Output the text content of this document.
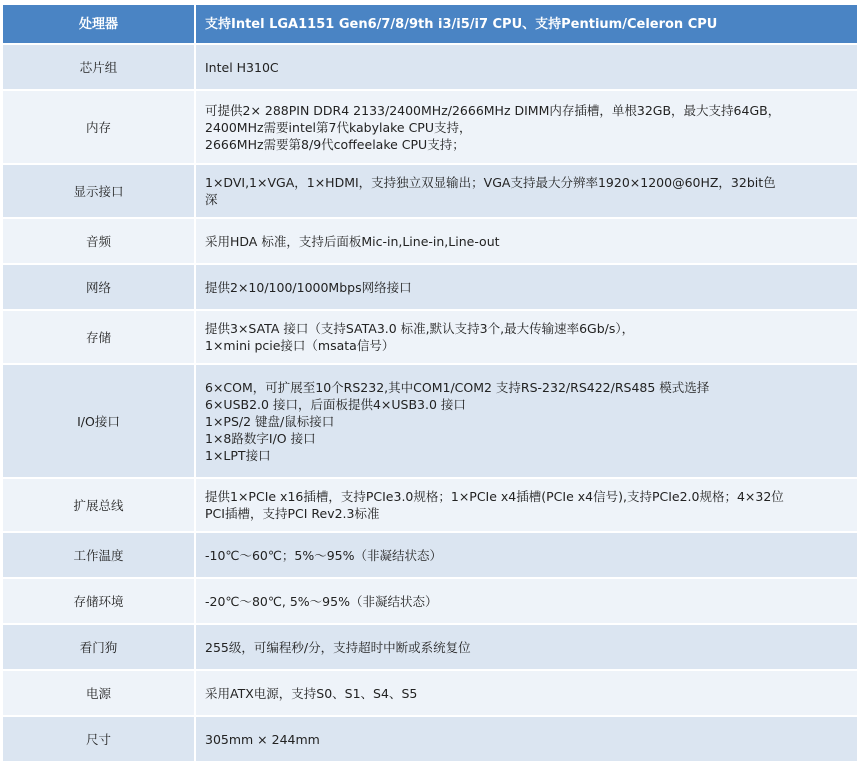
处理器	支持Intel LGA1151 Gen6/7/8/9th i3/i5/i7 CPU、支持Pentium/Celeron CPU

芯片组	Intel H310C

内存	可提供2× 288PIN DDR4 2133/2400MHz/2666MHz DIMM内存插槽，单根32GB，最大支持64GB，
2400MHz需要intel第7代kabylake CPU支持，
2666MHz需要第8/9代coffeelake CPU支持；

显示接口	1×DVI,1×VGA，1×HDMI，支持独立双显输出；VGA支持最大分辨率1920×1200@60HZ，32bit色
深

音频	采用HDA 标准，支持后面板Mic-in,Line-in,Line-out

网络	提供2×10/100/1000Mbps网络接口

存储	提供3×SATA 接口（支持SATA3.0 标准,默认支持3个,最大传输速率6Gb/s），
1×mini pcie接口（msata信号）

I/O接口	6×COM，可扩展至10个RS232,其中COM1/COM2 支持RS-232/RS422/RS485 模式选择
6×USB2.0 接口，后面板提供4×USB3.0 接口
1×PS/2 键盘/鼠标接口
1×8路数字I/O 接口
1×LPT接口

扩展总线	提供1×PCIe x16插槽，支持PCIe3.0规格；1×PCIe x4插槽(PCIe x4信号),支持PCIe2.0规格；4×32位
PCI插槽，支持PCI Rev2.3标准

工作温度	-10℃～60℃；5%～95%（非凝结状态）

存储环境	-20℃～80℃, 5%～95%（非凝结状态）

看门狗	255级，可编程秒/分，支持超时中断或系统复位

电源	采用ATX电源，支持S0、S1、S4、S5

尺寸	305mm × 244mm
